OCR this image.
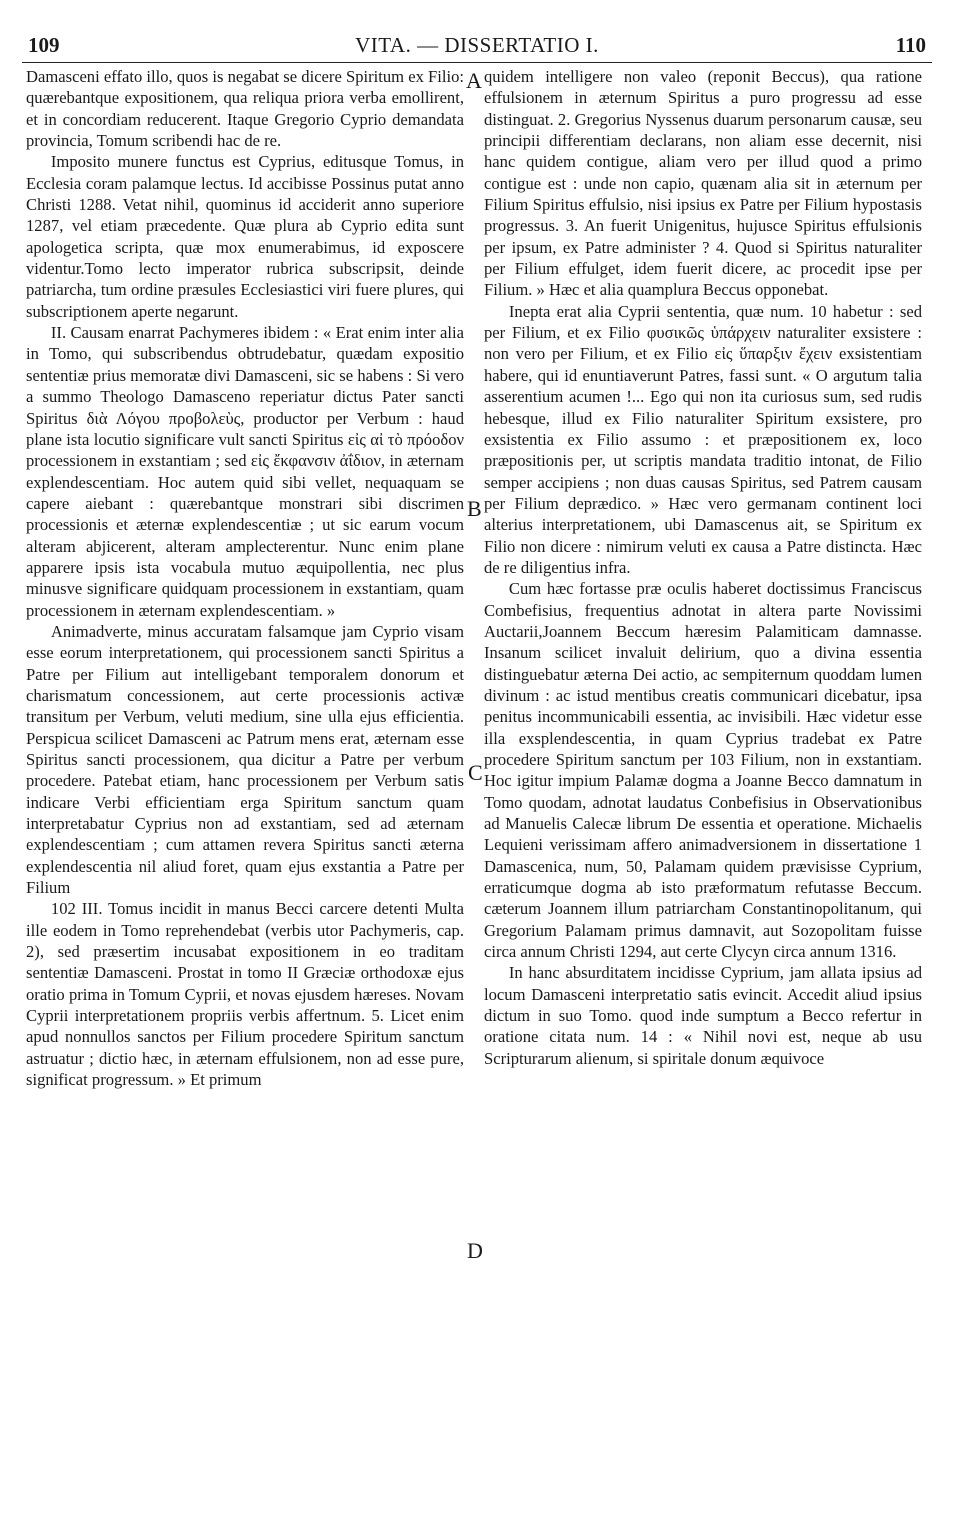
109	VITA. — DISSERTATIO I.	110
A
B
C
D

Damasceni effato illo, quos is negabat se dicere Spiritum ex Filio: quærebantque expositionem, qua reliqua priora verba emollirent, et in concordiam reducerent. Itaque Gregorio Cyprio demandata provincia, Tomum scribendi hac de re.

Imposito munere functus est Cyprius, editusque Tomus, in Ecclesia coram palamque lectus. Id accibisse Possinus putat anno Christi 1288. Vetat nihil, quominus id acciderit anno superiore 1287, vel etiam præcedente. Quæ plura ab Cyprio edita sunt apologetica scripta, quæ mox enumerabimus, id exposcere videntur.Tomo lecto imperator rubrica subscripsit, deinde patriarcha, tum ordine præsules Ecclesiastici viri fuere plures, qui subscriptionem aperte negarunt.

II. Causam enarrat Pachymeres ibidem : « Erat enim inter alia in Tomo, qui subscribendus obtrudebatur, quædam expositio sententiæ prius memoratæ divi Damasceni, sic se habens : Si vero a summo Theologo Damasceno reperiatur dictus Pater sancti Spiritus διὰ Λόγου προβολεὺς, productor per Verbum : haud plane ista locutio significare vult sancti Spiritus εἰς αἰ τὸ πρόοδον processionem in exstantiam ; sed εἰς ἔκφανσιν ἀΐδιον, in æternam explendescentiam. Hoc autem quid sibi vellet, nequaquam se capere aiebant : quærebantque monstrari sibi discrimen processionis et æternæ explendescentiæ ; ut sic earum vocum alteram abjicerent, alteram amplecterentur. Nunc enim plane apparere ipsis ista vocabula mutuo æquipollentia, nec plus minusve significare quidquam processionem in exstantiam, quam processionem in æternam explendescentiam. »

Animadverte, minus accuratam falsamque jam Cyprio visam esse eorum interpretationem, qui processionem sancti Spiritus a Patre per Filium aut intelligebant temporalem donorum et charismatum concessionem, aut certe processionis activæ transitum per Verbum, veluti medium, sine ulla ejus efficientia. Perspicua scilicet Damasceni ac Patrum mens erat, æternam esse Spiritus sancti processionem, qua dicitur a Patre per verbum procedere. Patebat etiam, hanc processionem per Verbum satis indicare Verbi efficientiam erga Spiritum sanctum quam interpretabatur Cyprius non ad exstantiam, sed ad æternam explendescentiam ; cum attamen revera Spiritus sancti æterna explendescentia nil aliud foret, quam ejus exstantia a Patre per Filium

102 III. Tomus incidit in manus Becci carcere detenti Multa ille eodem in Tomo reprehendebat (verbis utor Pachymeris, cap. 2), sed præsertim incusabat expositionem in eo traditam sententiæ Damasceni. Prostat in tomo II Græciæ orthodoxæ ejus oratio prima in Tomum Cyprii, et novas ejusdem hæreses. Novam Cyprii interpretationem propriis verbis affertnum. 5. Licet enim apud nonnullos sanctos per Filium procedere Spiritum sanctum astruatur ; dictio hæc, in æternam effulsionem, non ad esse pure, significat progressum. » Et primum

quidem intelligere non valeo (reponit Beccus), qua ratione effulsionem in æternum Spiritus a puro progressu ad esse distinguat. 2. Gregorius Nyssenus duarum personarum causæ, seu principii differentiam declarans, non aliam esse decernit, nisi hanc quidem contigue, aliam vero per illud quod a primo contigue est : unde non capio, quænam alia sit in æternum per Filium Spiritus effulsio, nisi ipsius ex Patre per Filium hypostasis progressus. 3. An fuerit Unigenitus, hujusce Spiritus effulsionis per ipsum, ex Patre administer ? 4. Quod si Spiritus naturaliter per Filium effulget, idem fuerit dicere, ac procedit ipse per Filium. » Hæc et alia quamplura Beccus opponebat.

Inepta erat alia Cyprii sententia, quæ num. 10 habetur : sed per Filium, et ex Filio φυσικῶς ὑπάρχειν naturaliter exsistere : non vero per Filium, et ex Filio εἰς ὕπαρξιν ἔχειν exsistentiam habere, qui id enuntiaverunt Patres, fassi sunt. « O argutum talia asserentium acumen !... Ego qui non ita curiosus sum, sed rudis hebesque, illud ex Filio naturaliter Spiritum exsistere, pro exsistentia ex Filio assumo : et præpositionem ex, loco præpositionis per, ut scriptis mandata traditio intonat, de Filio semper accipiens ; non duas causas Spiritus, sed Patrem causam per Filium deprædico. » Hæc vero germanam continent loci alterius interpretationem, ubi Damascenus ait, se Spiritum ex Filio non dicere : nimirum veluti ex causa a Patre distincta. Hæc de re diligentius infra.

Cum hæc fortasse præ oculis haberet doctissimus Franciscus Combefisius, frequentius adnotat in altera parte Novissimi Auctarii,Joannem Beccum hæresim Palamiticam damnasse. Insanum scilicet invaluit delirium, quo a divina essentia distinguebatur æterna Dei actio, ac sempiternum quoddam lumen divinum : ac istud mentibus creatis communicari dicebatur, ipsa penitus incommunicabili essentia, ac invisibili. Hæc videtur esse illa exsplendescentia, in quam Cyprius tradebat ex Patre procedere Spiritum sanctum per 103 Filium, non in exstantiam. Hoc igitur impium Palamæ dogma a Joanne Becco damnatum in Tomo quodam, adnotat laudatus Conbefisius in Observationibus ad Manuelis Calecæ librum De essentia et operatione. Michaelis Lequieni verissimam affero animadversionem in dissertatione 1 Damascenica, num, 50, Palamam quidem prævisisse Cyprium, erraticumque dogma ab isto præformatum refutasse Beccum. cæterum Joannem illum patriarcham Constantinopolitanum, qui Gregorium Palamam primus damnavit, aut Sozopolitam fuisse circa annum Christi 1294, aut certe Clycyn circa annum 1316.

In hanc absurditatem incidisse Cyprium, jam allata ipsius ad locum Damasceni interpretatio satis evincit. Accedit aliud ipsius dictum in suo Tomo. quod inde sumptum a Becco refertur in oratione citata num. 14 : « Nihil novi est, neque ab usu Scripturarum alienum, si spiritale donum æquivoce
